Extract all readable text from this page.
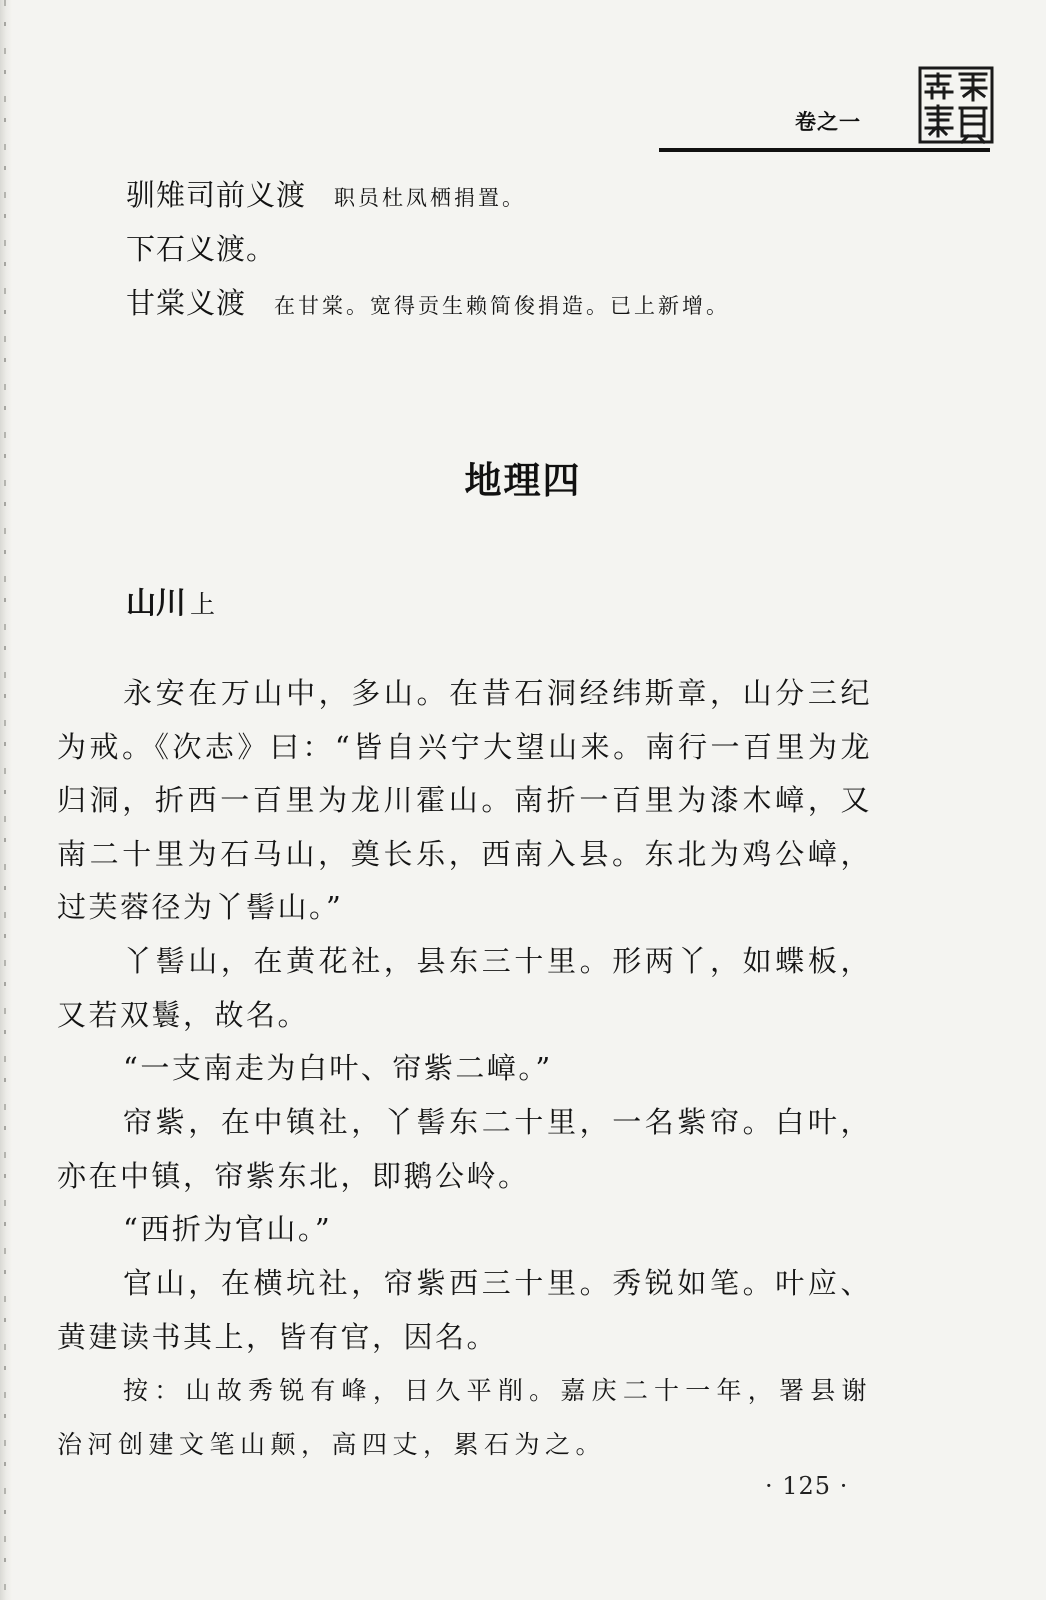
卷之一
驯雉司前义渡 职员杜凤栖捐置。
下石义渡。
甘棠义渡 在甘棠。宽得贡生赖简俊捐造。已上新增。
地理四
山川 上

永安在万山中，多山。在昔石洞经纬斯章，山分三纪为戒。《次志》曰：“皆自兴宁大望山来。南行一百里为龙归洞，折西一百里为龙川霍山。南折一百里为漆木嶂，又南二十里为石马山，奠长乐，西南入县。东北为鸡公嶂，过芙蓉径为丫髻山。”

丫髻山，在黄花社，县东三十里。形两丫，如蝶板，又若双鬟，故名。

“一支南走为白叶、帘紫二嶂。”

帘紫，在中镇社，丫髻东二十里，一名紫帘。白叶，亦在中镇，帘紫东北，即鹅公岭。

“西折为官山。”

官山，在横坑社，帘紫西三十里。秀锐如笔。叶应、黄建读书其上，皆有官，因名。

按：山故秀锐有峰，日久平削。嘉庆二十一年，署县谢治河创建文笔山颠，高四丈，累石为之。

· 125 ·
